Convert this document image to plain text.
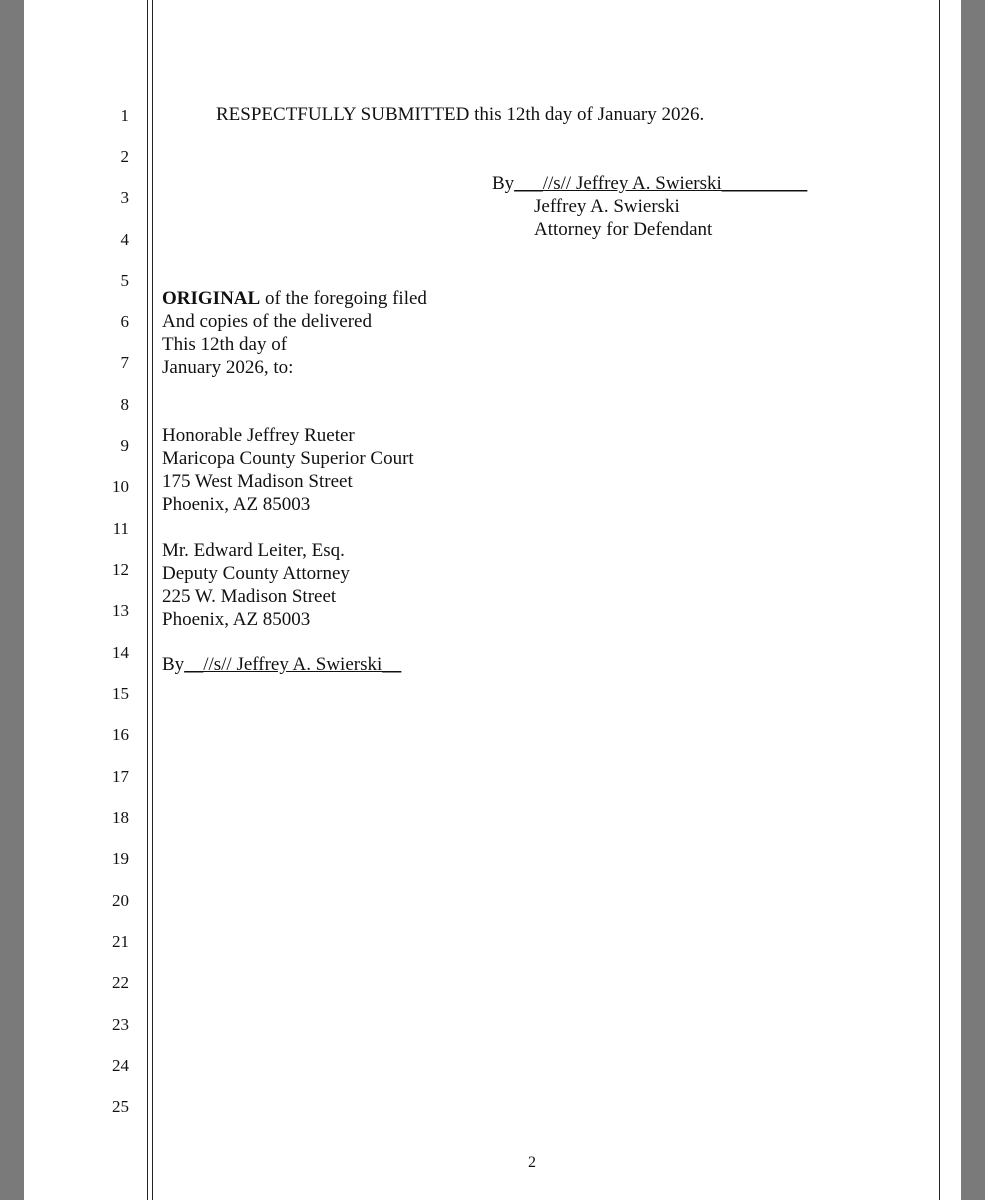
1
2
3
4
5
6
7
8
9
10
11
12
13
14
15
16
17
18
19
20
21
22
23
24
25
RESPECTFULLY SUBMITTED this 12th day of January 2026.
By___//s// Jeffrey A. Swierski_________
Jeffrey A. Swierski
Attorney for Defendant
ORIGINAL of the foregoing filed
And copies of the delivered
This 12th day of
January 2026, to:
Honorable Jeffrey Rueter
Maricopa County Superior Court
175 West Madison Street
Phoenix, AZ 85003
Mr. Edward Leiter, Esq.
Deputy County Attorney
225 W. Madison Street
Phoenix, AZ 85003
By__//s// Jeffrey A. Swierski__
2
